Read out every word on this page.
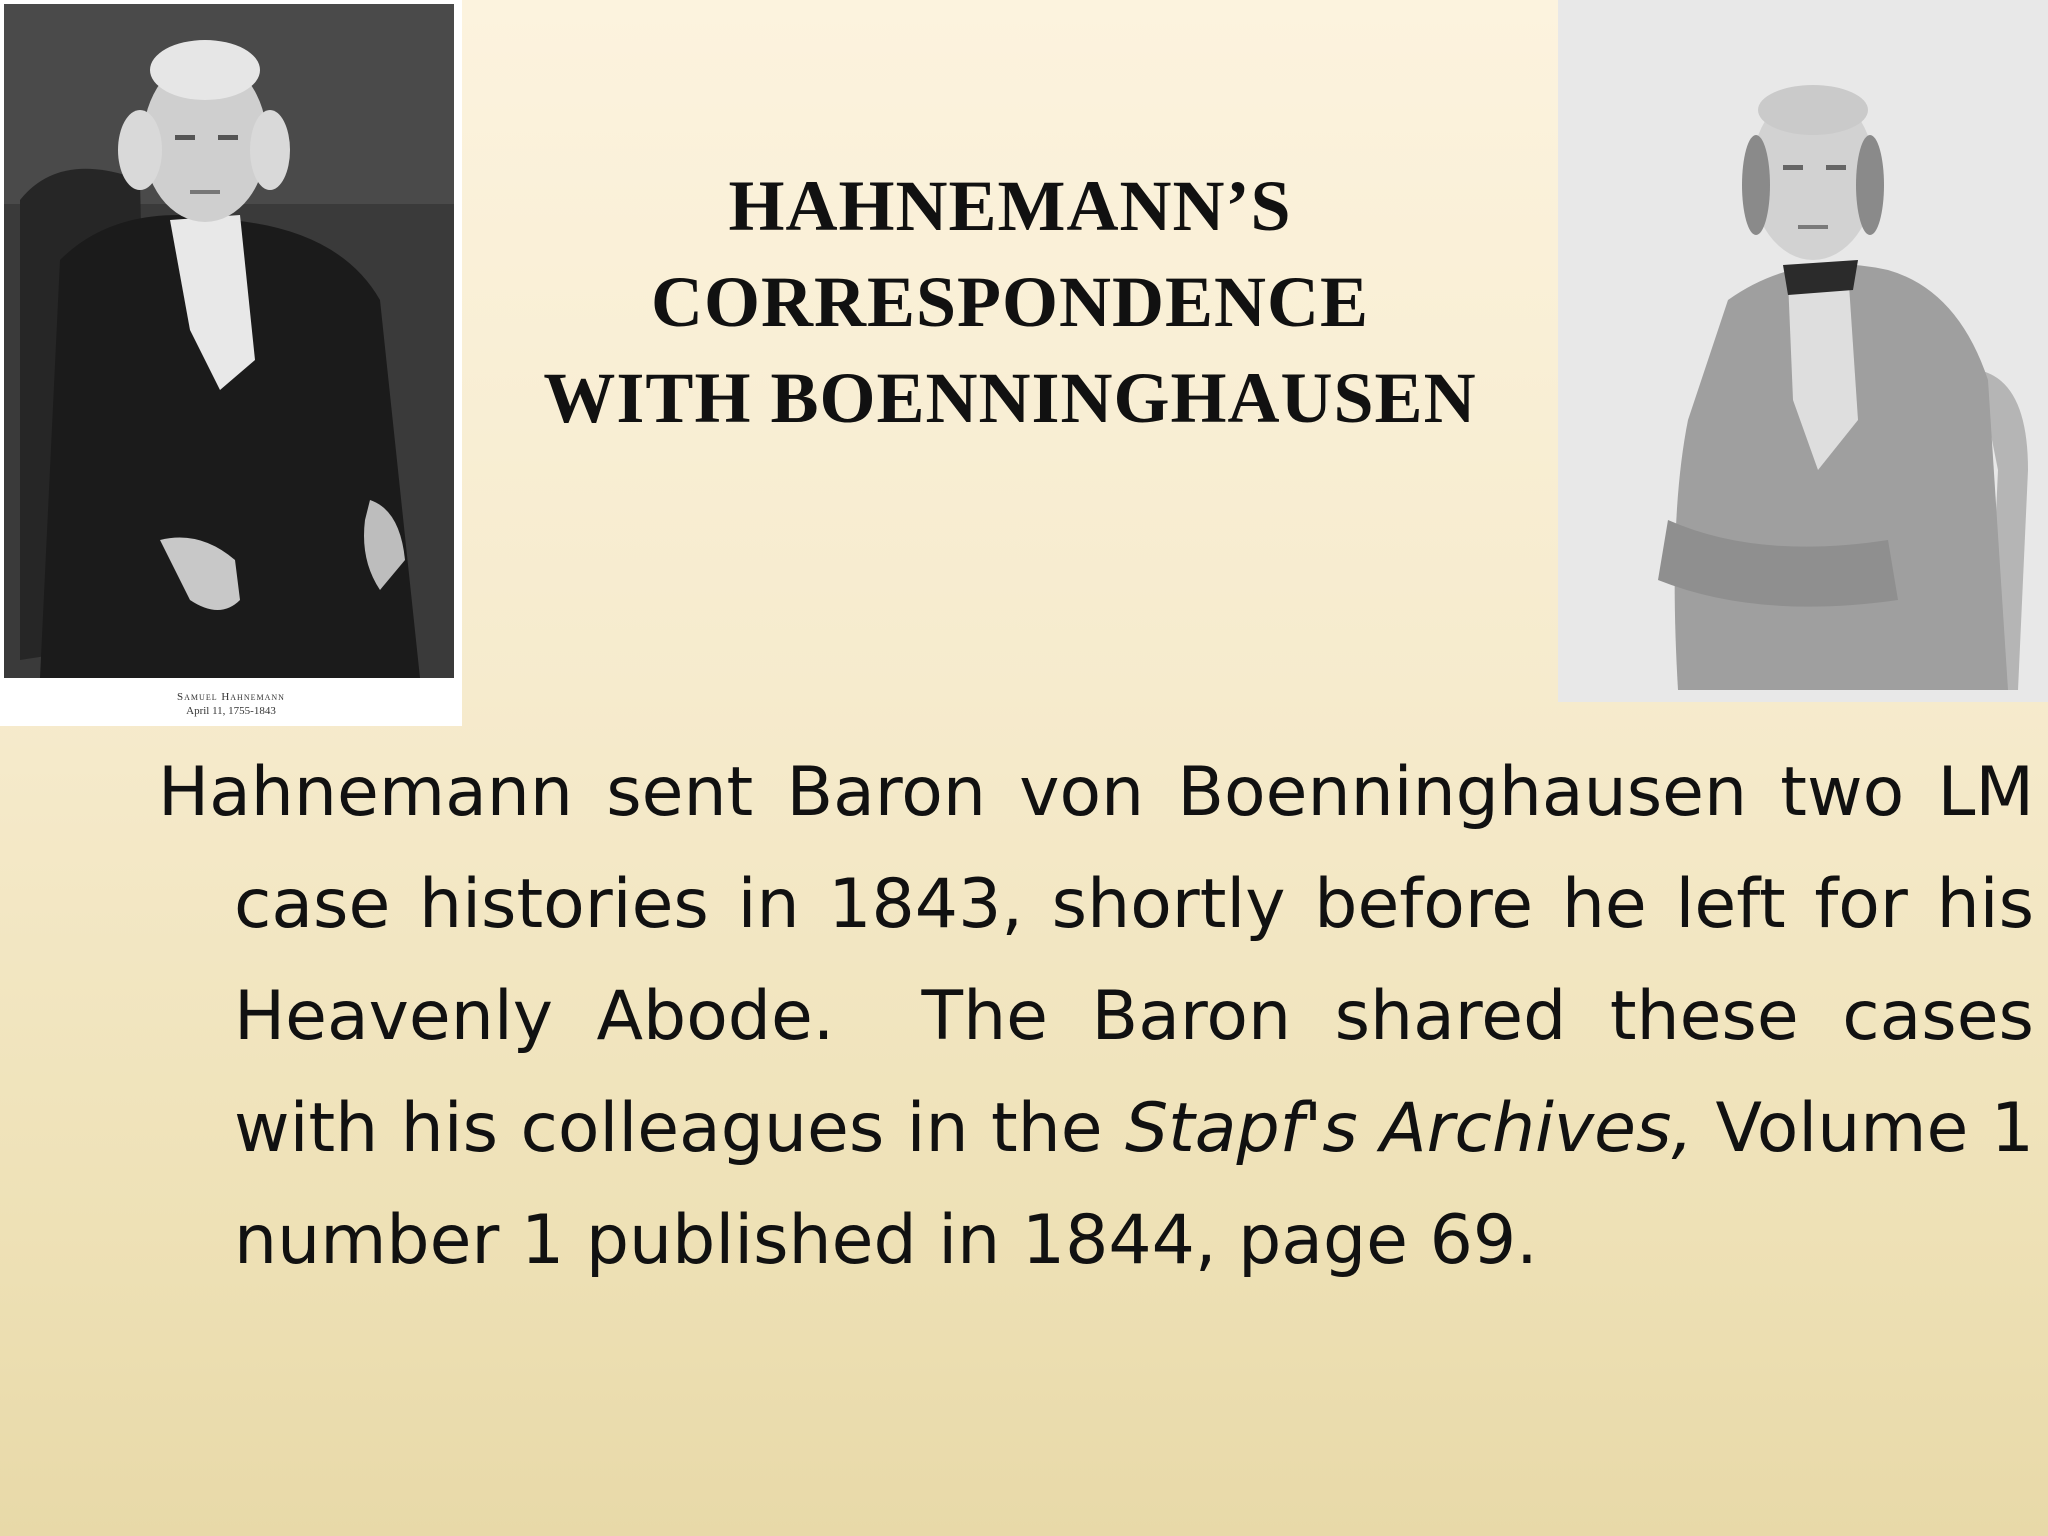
Samuel Hahnemann
April 11, 1755-1843
HAHNEMANN’S
CORRESPONDENCE
WITH BOENNINGHAUSEN

Hahnemann sent Baron von Boenninghausen two LM case histories in 1843, shortly before he left for his Heavenly Abode.  The Baron shared these cases with his colleagues in the Stapf's Archives, Volume 1 number 1 published in 1844, page 69.
